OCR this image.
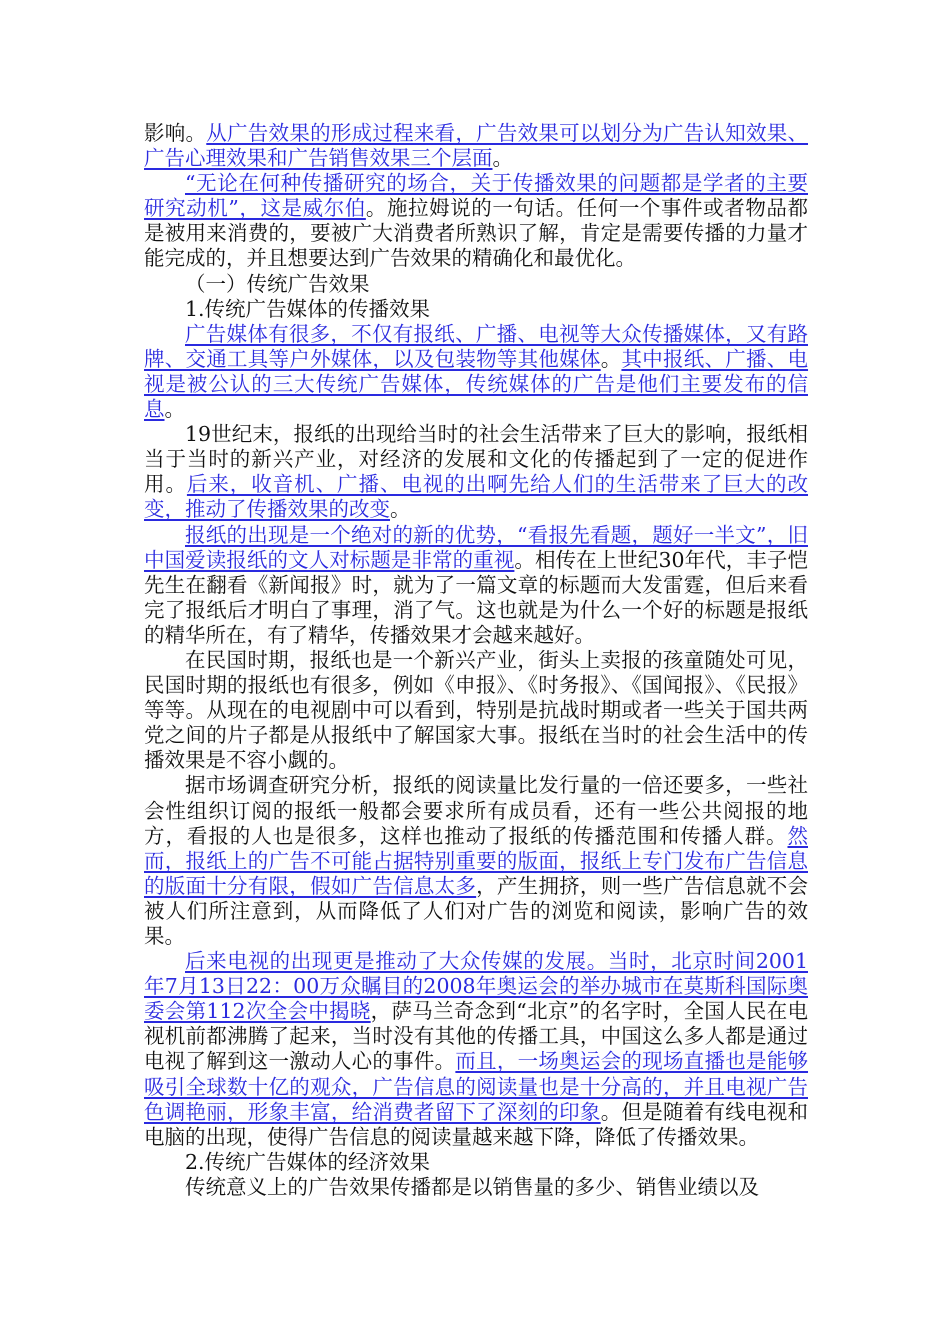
影响。从广告效果的形成过程来看，广告效果可以划分为广告认知效果、广告心理效果和广告销售效果三个层面。

“无论在何种传播研究的场合，关于传播效果的问题都是学者的主要研究动机”，这是威尔伯。施拉姆说的一句话。任何一个事件或者物品都是被用来消费的，要被广大消费者所熟识了解，肯定是需要传播的力量才能完成的，并且想要达到广告效果的精确化和最优化。

（一）传统广告效果

1.传统广告媒体的传播效果

广告媒体有很多，不仅有报纸、广播、电视等大众传播媒体，又有路牌、交通工具等户外媒体，以及包装物等其他媒体。其中报纸、广播、电视是被公认的三大传统广告媒体，传统媒体的广告是他们主要发布的信息。

19世纪末，报纸的出现给当时的社会生活带来了巨大的影响，报纸相当于当时的新兴产业，对经济的发展和文化的传播起到了一定的促进作用。后来，收音机、广播、电视的出啊先给人们的生活带来了巨大的改变，推动了传播效果的改变。

报纸的出现是一个绝对的新的优势，“看报先看题，题好一半文”，旧中国爱读报纸的文人对标题是非常的重视。相传在上世纪30年代，丰子恺先生在翻看《新闻报》时，就为了一篇文章的标题而大发雷霆，但后来看完了报纸后才明白了事理，消了气。这也就是为什么一个好的标题是报纸的精华所在，有了精华，传播效果才会越来越好。

在民国时期，报纸也是一个新兴产业，街头上卖报的孩童随处可见，民国时期的报纸也有很多，例如《申报》、《时务报》、《国闻报》、《民报》等等。从现在的电视剧中可以看到，特别是抗战时期或者一些关于国共两党之间的片子都是从报纸中了解国家大事。报纸在当时的社会生活中的传播效果是不容小觑的。

据市场调查研究分析，报纸的阅读量比发行量的一倍还要多，一些社会性组织订阅的报纸一般都会要求所有成员看，还有一些公共阅报的地方，看报的人也是很多，这样也推动了报纸的传播范围和传播人群。然而，报纸上的广告不可能占据特别重要的版面，报纸上专门发布广告信息的版面十分有限，假如广告信息太多，产生拥挤，则一些广告信息就不会被人们所注意到，从而降低了人们对广告的浏览和阅读，影响广告的效果。

后来电视的出现更是推动了大众传媒的发展。当时，北京时间2001年7月13日22：00万众瞩目的2008年奥运会的举办城市在莫斯科国际奥委会第112次全会中揭晓，萨马兰奇念到“北京”的名字时，全国人民在电视机前都沸腾了起来，当时没有其他的传播工具，中国这么多人都是通过电视了解到这一激动人心的事件。而且，一场奥运会的现场直播也是能够吸引全球数十亿的观众，广告信息的阅读量也是十分高的，并且电视广告色调艳丽，形象丰富，给消费者留下了深刻的印象。但是随着有线电视和电脑的出现，使得广告信息的阅读量越来越下降，降低了传播效果。

2.传统广告媒体的经济效果

传统意义上的广告效果传播都是以销售量的多少、销售业绩以及
